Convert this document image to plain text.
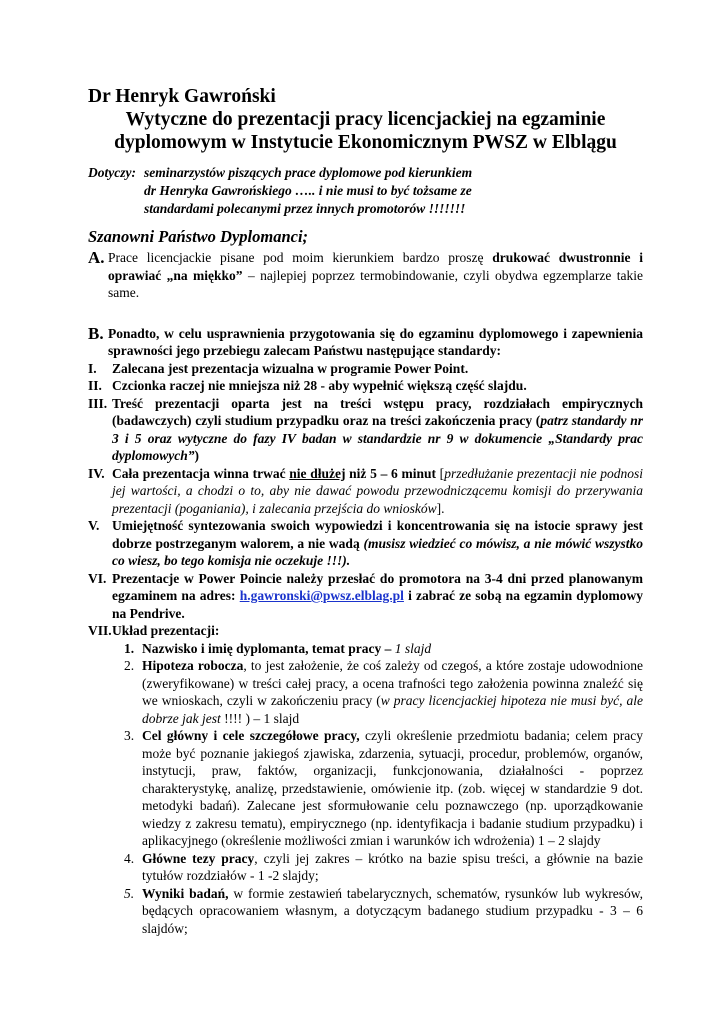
Dr Henryk Gawroński

Wytyczne do prezentacji pracy licencjackiej na egzaminie
dyplomowym w Instytucie Ekonomicznym PWSZ w Elblągu
Dotyczy: seminarzystów piszących prace dyplomowe pod kierunkiem
dr Henryka Gawrońskiego ….. i nie musi to być tożsame ze
standardami polecanymi przez innych promotorów !!!!!!!

Szanowni Państwo Dyplomanci;

A. Prace licencjackie pisane pod moim kierunkiem bardzo proszę drukować dwustronnie i oprawiać „na miękko” – najlepiej poprzez termobindowanie, czyli obydwa egzemplarze takie same.
B. Ponadto, w celu usprawnienia przygotowania się do egzaminu dyplomowego i zapewnienia sprawności jego przebiegu zalecam Państwu następujące standardy:
I.	Zalecana jest prezentacja wizualna w programie Power Point.
II. Czcionka raczej nie mniejsza niż 28 - aby wypełnić większą część slajdu.
III. Treść prezentacji oparta jest na treści wstępu pracy, rozdziałach empirycznych (badawczych) czyli studium przypadku oraz na treści zakończenia pracy (patrz standardy nr 3 i 5 oraz wytyczne do fazy IV badan w standardzie nr 9 w dokumencie „Standardy prac dyplomowych”)
IV. Cała prezentacja winna trwać nie dłużej niż 5 – 6 minut [przedłużanie prezentacji nie podnosi jej wartości, a chodzi o to, aby nie dawać powodu przewodniczącemu komisji do przerywania prezentacji (poganiania), i zalecania przejścia do wniosków].
V. Umiejętność syntezowania swoich wypowiedzi i koncentrowania się na istocie sprawy jest dobrze postrzeganym walorem, a nie wadą (musisz wiedzieć co mówisz, a nie mówić wszystko co wiesz, bo tego komisja nie oczekuje !!!).
VI. Prezentacje w Power Poincie należy przesłać do promotora na 3-4 dni przed planowanym egzaminem na adres: h.gawronski@pwsz.elblag.pl i zabrać ze sobą na egzamin dyplomowy na Pendrive.
VII. Układ prezentacji:
1. Nazwisko i imię dyplomanta, temat pracy – 1 slajd
2. Hipoteza robocza, to jest założenie, że coś zależy od czegoś, a które zostaje udowodnione (zweryfikowane) w treści całej pracy, a ocena trafności tego założenia powinna znaleźć się we wnioskach, czyli w zakończeniu pracy (w pracy licencjackiej hipoteza nie musi być, ale dobrze jak jest !!!! ) – 1 slajd
3. Cel główny i cele szczegółowe pracy, czyli określenie przedmiotu badania; celem pracy może być poznanie jakiegoś zjawiska, zdarzenia, sytuacji, procedur, problemów, organów, instytucji, praw, faktów, organizacji, funkcjonowania, działalności - poprzez charakterystykę, analizę, przedstawienie, omówienie itp. (zob. więcej w standardzie 9 dot. metodyki badań). Zalecane jest sformułowanie celu poznawczego (np. uporządkowanie wiedzy z zakresu tematu), empirycznego (np. identyfikacja i badanie studium przypadku) i aplikacyjnego (określenie możliwości zmian i warunków ich wdrożenia) 1 – 2 slajdy
4. Główne tezy pracy, czyli jej zakres – krótko na bazie spisu treści, a głównie na bazie tytułów rozdziałów - 1 -2 slajdy;
5. Wyniki badań, w formie zestawień tabelarycznych, schematów, rysunków lub wykresów, będących opracowaniem własnym, a dotyczącym badanego studium przypadku - 3 – 6 slajdów;
